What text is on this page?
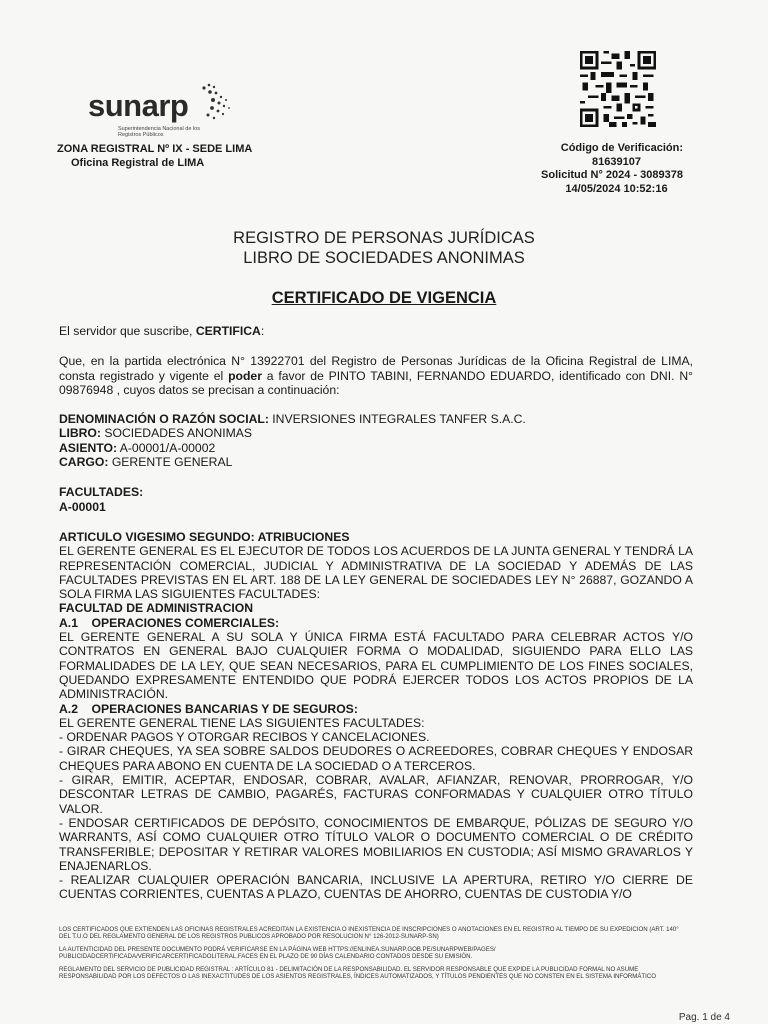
sunarp
Superintendencia Nacional de los Registros Públicos
ZONA REGISTRAL Nº IX - SEDE LIMA
Oficina Registral de LIMA
Código de Verificación:
81639107
Solicitud N° 2024 - 3089378
14/05/2024 10:52:16
REGISTRO DE PERSONAS JURÍDICAS
LIBRO DE SOCIEDADES ANONIMAS
CERTIFICADO DE VIGENCIA

El servidor que suscribe, CERTIFICA:

Que, en la partida electrónica N° 13922701 del Registro de Personas Jurídicas de la Oficina Registral de LIMA, consta registrado y vigente el poder a favor de PINTO TABINI, FERNANDO EDUARDO, identificado con DNI. N° 09876948 , cuyos datos se precisan a continuación:

DENOMINACIÓN O RAZÓN SOCIAL: INVERSIONES INTEGRALES TANFER S.A.C.

LIBRO: SOCIEDADES ANONIMAS

ASIENTO: A-00001/A-00002

CARGO: GERENTE GENERAL

FACULTADES:

A-00001

ARTICULO VIGESIMO SEGUNDO: ATRIBUCIONES

EL GERENTE GENERAL ES EL EJECUTOR DE TODOS LOS ACUERDOS DE LA JUNTA GENERAL Y TENDRÁ LA REPRESENTACIÓN COMERCIAL, JUDICIAL Y ADMINISTRATIVA DE LA SOCIEDAD Y ADEMÁS DE LAS FACULTADES PREVISTAS EN EL ART. 188 DE LA LEY GENERAL DE SOCIEDADES LEY N° 26887, GOZANDO A SOLA FIRMA LAS SIGUIENTES FACULTADES:

FACULTAD DE ADMINISTRACION

A.1    OPERACIONES COMERCIALES:

EL GERENTE GENERAL A SU SOLA Y ÚNICA FIRMA ESTÁ FACULTADO PARA CELEBRAR ACTOS Y/O CONTRATOS EN GENERAL BAJO CUALQUIER FORMA O MODALIDAD, SIGUIENDO PARA ELLO LAS FORMALIDADES DE LA LEY, QUE SEAN NECESARIOS, PARA EL CUMPLIMIENTO DE LOS FINES SOCIALES, QUEDANDO EXPRESAMENTE ENTENDIDO QUE PODRÁ EJERCER TODOS LOS ACTOS PROPIOS DE LA ADMINISTRACIÓN.

A.2    OPERACIONES BANCARIAS Y DE SEGUROS:

EL GERENTE GENERAL TIENE LAS SIGUIENTES FACULTADES:

- ORDENAR PAGOS Y OTORGAR RECIBOS Y CANCELACIONES.

- GIRAR CHEQUES, YA SEA SOBRE SALDOS DEUDORES O ACREEDORES, COBRAR CHEQUES Y ENDOSAR CHEQUES PARA ABONO EN CUENTA DE LA SOCIEDAD O A TERCEROS.

- GIRAR, EMITIR, ACEPTAR, ENDOSAR, COBRAR, AVALAR, AFIANZAR, RENOVAR, PRORROGAR, Y/O DESCONTAR LETRAS DE CAMBIO, PAGARÉS, FACTURAS CONFORMADAS Y CUALQUIER OTRO TÍTULO VALOR.

- ENDOSAR CERTIFICADOS DE DEPÓSITO, CONOCIMIENTOS DE EMBARQUE, PÓLIZAS DE SEGURO Y/O WARRANTS, ASÍ COMO CUALQUIER OTRO TÍTULO VALOR O DOCUMENTO COMERCIAL O DE CRÉDITO TRANSFERIBLE; DEPOSITAR Y RETIRAR VALORES MOBILIARIOS EN CUSTODIA; ASÍ MISMO GRAVARLOS Y ENAJENARLOS.

- REALIZAR CUALQUIER OPERACIÓN BANCARIA, INCLUSIVE LA APERTURA, RETIRO Y/O CIERRE DE CUENTAS CORRIENTES, CUENTAS A PLAZO, CUENTAS DE AHORRO, CUENTAS DE CUSTODIA Y/O

LOS CERTIFICADOS QUE EXTIENDEN LAS OFICINAS REGISTRALES ACREDITAN LA EXISTENCIA O INEXISTENCIA DE INSCRIPCIONES O ANOTACIONES EN EL REGISTRO AL TIEMPO DE SU EXPEDICION (ART. 140° DEL T.U.O DEL REGLAMENTO GENERAL DE LOS REGISTROS PUBLICOS APROBADO POR RESOLUCION N° 126-2012-SUNARP-SN)

LA AUTENTICIDAD DEL PRESENTE DOCUMENTO PODRÁ VERIFICARSE EN LA PÁGINA WEB HTTPS://ENLINEA.SUNARP.GOB.PE/SUNARPWEB/PAGES/ PUBLICIDADCERTIFICADA/VERIFICARCERTIFICADOLITERAL.FACES EN EL PLAZO DE 90 DÍAS CALENDARIO CONTADOS DESDE SU EMISIÓN.

REGLAMENTO DEL SERVICIO DE PUBLICIDAD REGISTRAL : ARTÍCULO 81 - DELIMITACIÓN DE LA RESPONSABILIDAD. EL SERVIDOR RESPONSABLE QUE EXPIDE LA PUBLICIDAD FORMAL NO ASUME RESPONSABILIDAD POR LOS DEFECTOS O LAS INEXACTITUDES DE LOS ASIENTOS REGISTRALES, ÍNDICES AUTOMATIZADOS, Y TÍTULOS PENDIENTES QUE NO CONSTEN EN EL SISTEMA INFORMÁTICO

Pag. 1 de 4
